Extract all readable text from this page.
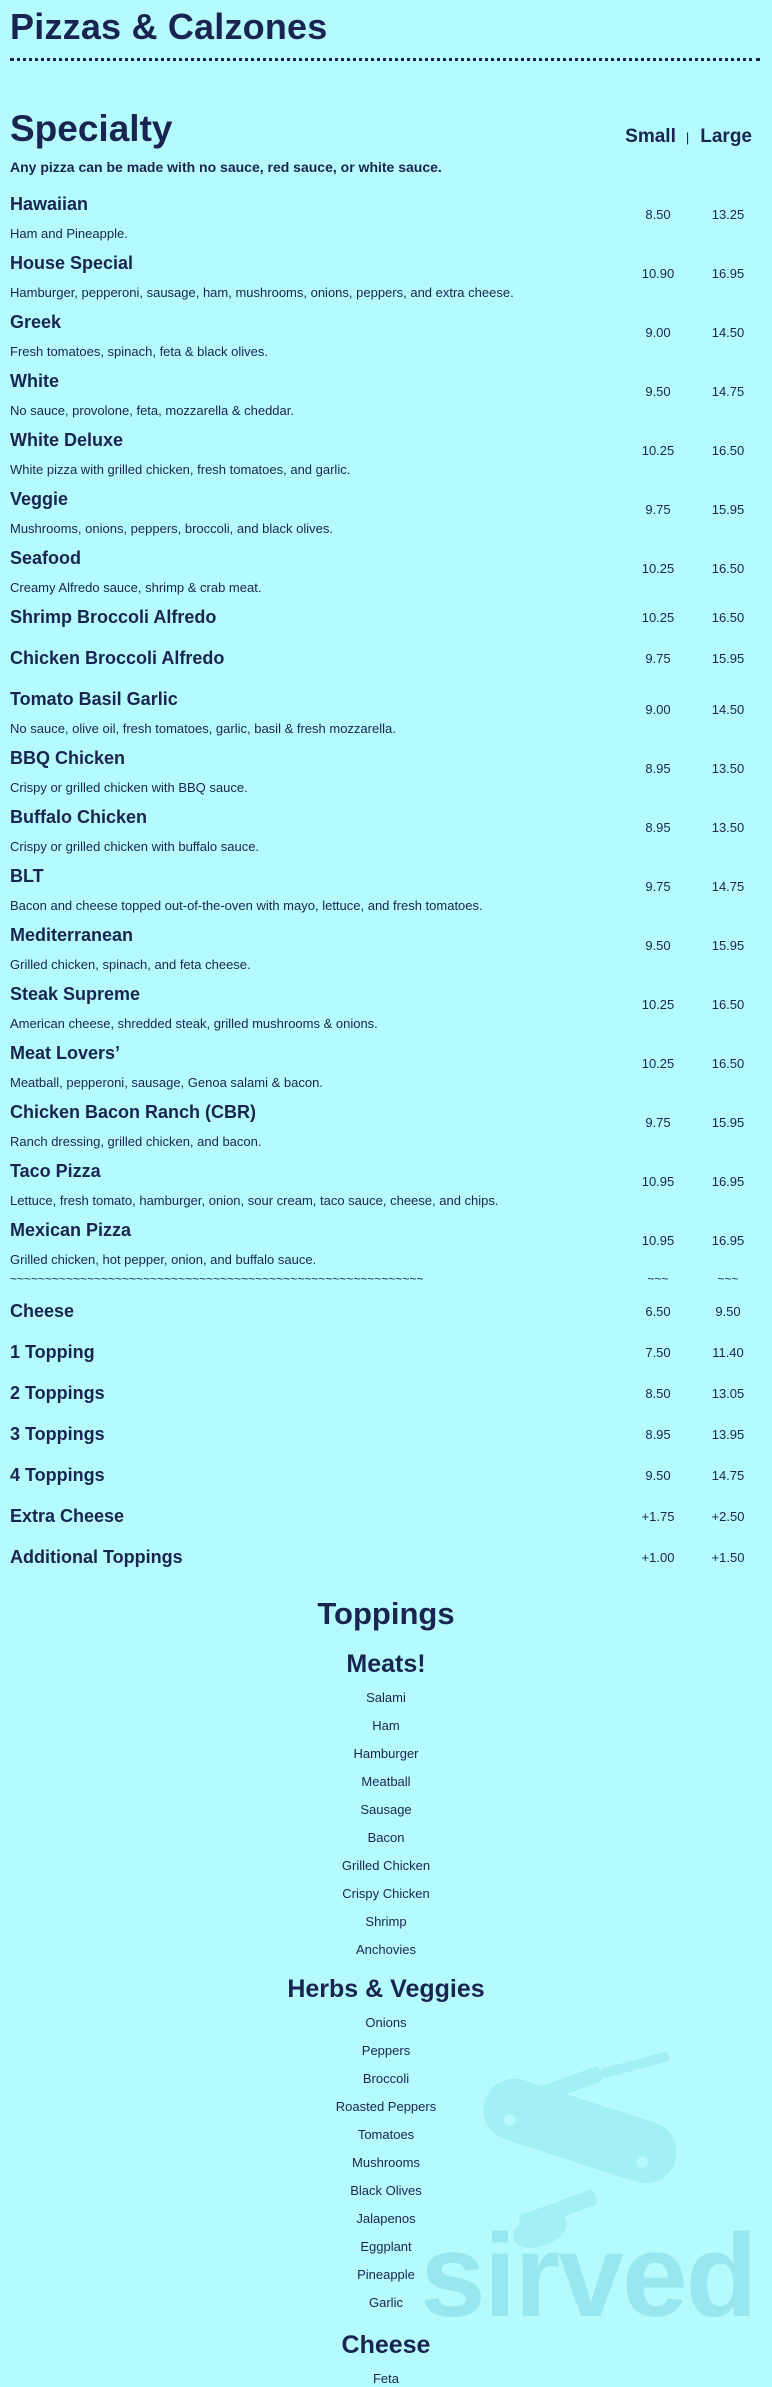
Pizzas & Calzones
Specialty	Small | Large

Any pizza can be made with no sauce, red sauce, or white sauce.

Hawaiian
Ham and Pineapple.
8.50	13.25
House Special
Hamburger, pepperoni, sausage, ham, mushrooms, onions, peppers, and extra cheese.
10.90	16.95
Greek
Fresh tomatoes, spinach, feta & black olives.
9.00	14.50
White
No sauce, provolone, feta, mozzarella & cheddar.
9.50	14.75
White Deluxe
White pizza with grilled chicken, fresh tomatoes, and garlic.
10.25	16.50
Veggie
Mushrooms, onions, peppers, broccoli, and black olives.
9.75	15.95
Seafood
Creamy Alfredo sauce, shrimp & crab meat.
10.25	16.50
Shrimp Broccoli Alfredo	10.25	16.50
Chicken Broccoli Alfredo	9.75	15.95
Tomato Basil Garlic
No sauce, olive oil, fresh tomatoes, garlic, basil & fresh mozzarella.
9.00	14.50
BBQ Chicken
Crispy or grilled chicken with BBQ sauce.
8.95	13.50
Buffalo Chicken
Crispy or grilled chicken with buffalo sauce.
8.95	13.50
BLT
Bacon and cheese topped out-of-the-oven with mayo, lettuce, and fresh tomatoes.
9.75	14.75
Mediterranean
Grilled chicken, spinach, and feta cheese.
9.50	15.95
Steak Supreme
American cheese, shredded steak, grilled mushrooms & onions.
10.25	16.50
Meat Lovers’
Meatball, pepperoni, sausage, Genoa salami & bacon.
10.25	16.50
Chicken Bacon Ranch (CBR)
Ranch dressing, grilled chicken, and bacon.
9.75	15.95
Taco Pizza
Lettuce, fresh tomato, hamburger, onion, sour cream, taco sauce, cheese, and chips.
10.95	16.95
Mexican Pizza
Grilled chicken, hot pepper, onion, and buffalo sauce.
10.95	16.95
~~~~~~~~~~~~~~~~~~~~~~~~~~~~~~~~~~~~~~~~~~~~~~~~~~~~~~~~~~~	~~~	~~~
Cheese	6.50	9.50
1 Topping	7.50	11.40
2 Toppings	8.50	13.05
3 Toppings	8.95	13.95
4 Toppings	9.50	14.75
Extra Cheese	+1.75	+2.50
Additional Toppings	+1.00	+1.50
Toppings
Meats!
Salami
Ham
Hamburger
Meatball
Sausage
Bacon
Grilled Chicken
Crispy Chicken
Shrimp
Anchovies
Herbs & Veggies
Onions
Peppers
Broccoli
Roasted Peppers
Tomatoes
Mushrooms
Black Olives
Jalapenos
Eggplant
Pineapple
Garlic
Cheese
Feta
sirved
